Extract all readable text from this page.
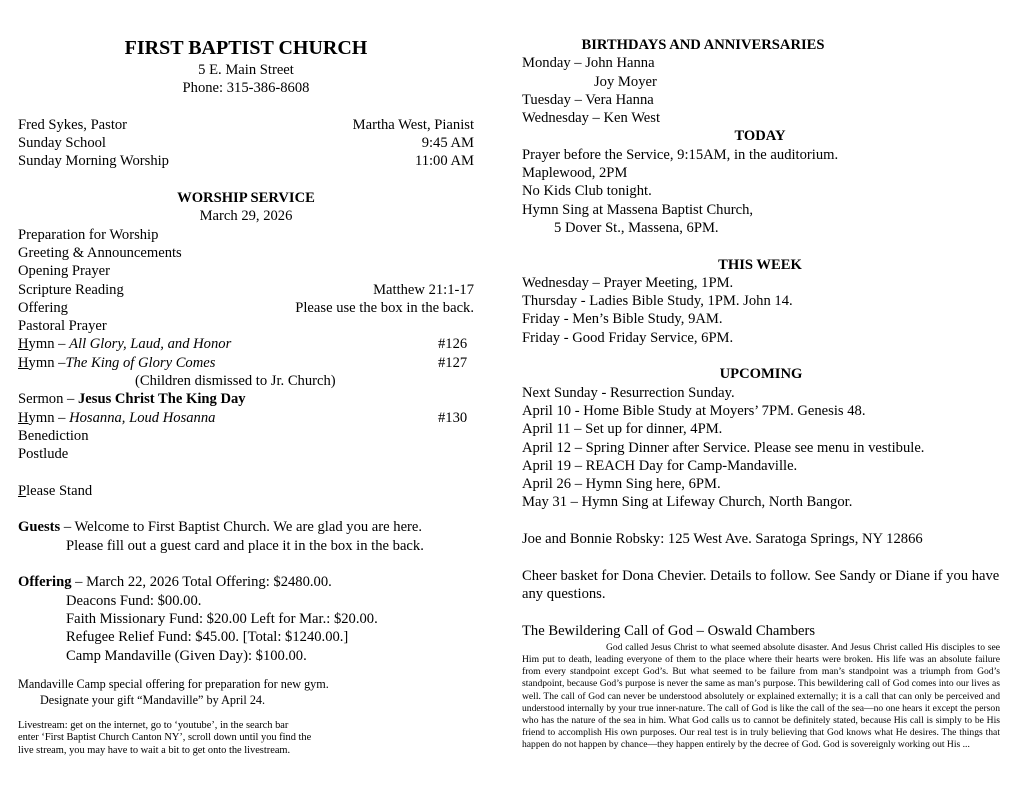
FIRST BAPTIST CHURCH
5 E. Main Street
Phone: 315-386-8608
Fred Sykes, Pastor	Martha West, Pianist
Sunday School	9:45 AM
Sunday Morning Worship	11:00 AM
WORSHIP SERVICE
March 29, 2026
Preparation for Worship
Greeting & Announcements
Opening Prayer
Scripture Reading	Matthew 21:1-17
Offering	Please use the box in the back.
Pastoral Prayer
Hymn – All Glory, Laud, and Honor	#126
Hymn –The King of Glory Comes	#127
(Children dismissed to Jr. Church)
Sermon – Jesus Christ The King Day
Hymn – Hosanna, Loud Hosanna	#130
Benediction
Postlude
Please Stand
Guests – Welcome to First Baptist Church. We are glad you are here.
Please fill out a guest card and place it in the box in the back.
Offering – March 22, 2026 Total Offering: $2480.00.
Deacons Fund: $00.00.
Faith Missionary Fund: $20.00 Left for Mar.: $20.00.
Refugee Relief Fund: $45.00. [Total: $1240.00.]
Camp Mandaville (Given Day): $100.00.
Mandaville Camp special offering for preparation for new gym.
Designate your gift “Mandaville” by April 24.
Livestream: get on the internet, go to ‘youtube’, in the search bar
enter ‘First Baptist Church Canton NY’, scroll down until you find the
live stream, you may have to wait a bit to get onto the livestream.
BIRTHDAYS AND ANNIVERSARIES
Monday – John Hanna
Joy Moyer
Tuesday – Vera Hanna
Wednesday – Ken West
TODAY
Prayer before the Service, 9:15AM, in the auditorium.
Maplewood, 2PM
No Kids Club tonight.
Hymn Sing at Massena Baptist Church,
5 Dover St., Massena, 6PM.
THIS WEEK
Wednesday – Prayer Meeting, 1PM.
Thursday - Ladies Bible Study, 1PM. John 14.
Friday - Men’s Bible Study, 9AM.
Friday - Good Friday Service, 6PM.
UPCOMING
Next Sunday - Resurrection Sunday.
April 10 - Home Bible Study at Moyers’ 7PM. Genesis 48.
April 11 – Set up for dinner, 4PM.
April 12 – Spring Dinner after Service. Please see menu in vestibule.
April 19 – REACH Day for Camp-Mandaville.
April 26 – Hymn Sing here, 6PM.
May 31 – Hymn Sing at Lifeway Church, North Bangor.
Joe and Bonnie Robsky: 125 West Ave. Saratoga Springs, NY 12866
Cheer basket for Dona Chevier. Details to follow. See Sandy or Diane if you have any questions.
The Bewildering Call of God – Oswald Chambers
God called Jesus Christ to what seemed absolute disaster. And Jesus Christ called His disciples to see Him put to death, leading everyone of them to the place where their hearts were broken. His life was an absolute failure from every standpoint except God’s. But what seemed to be failure from man’s standpoint was a triumph from God’s standpoint, because God’s purpose is never the same as man’s purpose. This bewildering call of God comes into our lives as well. The call of God can never be understood absolutely or explained externally; it is a call that can only be perceived and understood internally by your true inner-nature. The call of God is like the call of the sea—no one hears it except the person who has the nature of the sea in him. What God calls us to cannot be definitely stated, because His call is simply to be His friend to accomplish His own purposes. Our real test is in truly believing that God knows what He desires. The things that happen do not happen by chance—they happen entirely by the decree of God. God is sovereignly working out His ...
